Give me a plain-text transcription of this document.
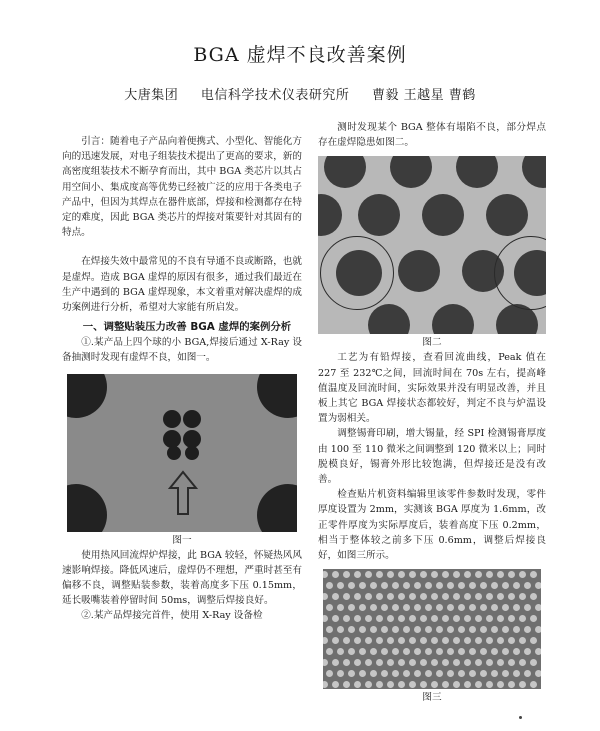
BGA 虚焊不良改善案例
大唐集团 电信科学技术仪表研究所 曹毅 王越星 曹鹤

引言：随着电子产品向着便携式、小型化、智能化方向的迅速发展，对电子组装技术提出了更高的要求，新的高密度组装技术不断孕育而出，其中 BGA 类芯片以其占用空间小、集成度高等优势已经被广泛的应用于各类电子产品中，但因为其焊点在器件底部，焊接和检测都存在特定的难度，因此 BGA 类芯片的焊接对策要针对其固有的特点。

在焊接失效中最常见的不良有导通不良或断路，也就是虚焊。造成 BGA 虚焊的原因有很多，通过我们最近在生产中遇到的 BGA 虚焊现象，本文着重对解决虚焊的成功案例进行分析，希望对大家能有所启发。

一、调整贴装压力改善 BGA 虚焊的案例分析

①.某产品上四个球的小 BGA,焊接后通过 X-Ray 设备抽测时发现有虚焊不良，如图一。

图一

使用热风回流焊炉焊接，此 BGA 较轻，怀疑热风风速影响焊接。降低风速后，虚焊仍不理想，严重时甚至有偏移不良，调整贴装参数，装着高度多下压 0.15mm，延长吸嘴装着停留时间 50ms，调整后焊接良好。

②.某产品焊接完首件，使用 X-Ray 设备检

测时发现某个 BGA 整体有塌陷不良，部分焊点存在虚焊隐患如图二。

图二

工艺为有铅焊接，查看回流曲线，Peak 值在 227 至 232℃之间，回流时间在 70s 左右，提高峰值温度及回流时间，实际效果并没有明显改善，并且板上其它 BGA 焊接状态都较好，判定不良与炉温设置为弱相关。

调整锡膏印刷，增大锡量，经 SPI 检测锡膏厚度由 100 至 110 微米之间调整到 120 微米以上；同时脱模良好，锡膏外形比较饱满，但焊接还是没有改善。

检查贴片机资料编辑里该零件参数时发现，零件厚度设置为 2mm，实测该 BGA 厚度为 1.6mm，改正零件厚度为实际厚度后，装着高度下压 0.2mm，相当于整体较之前多下压 0.6mm，调整后焊接良好，如图三所示。

图三
